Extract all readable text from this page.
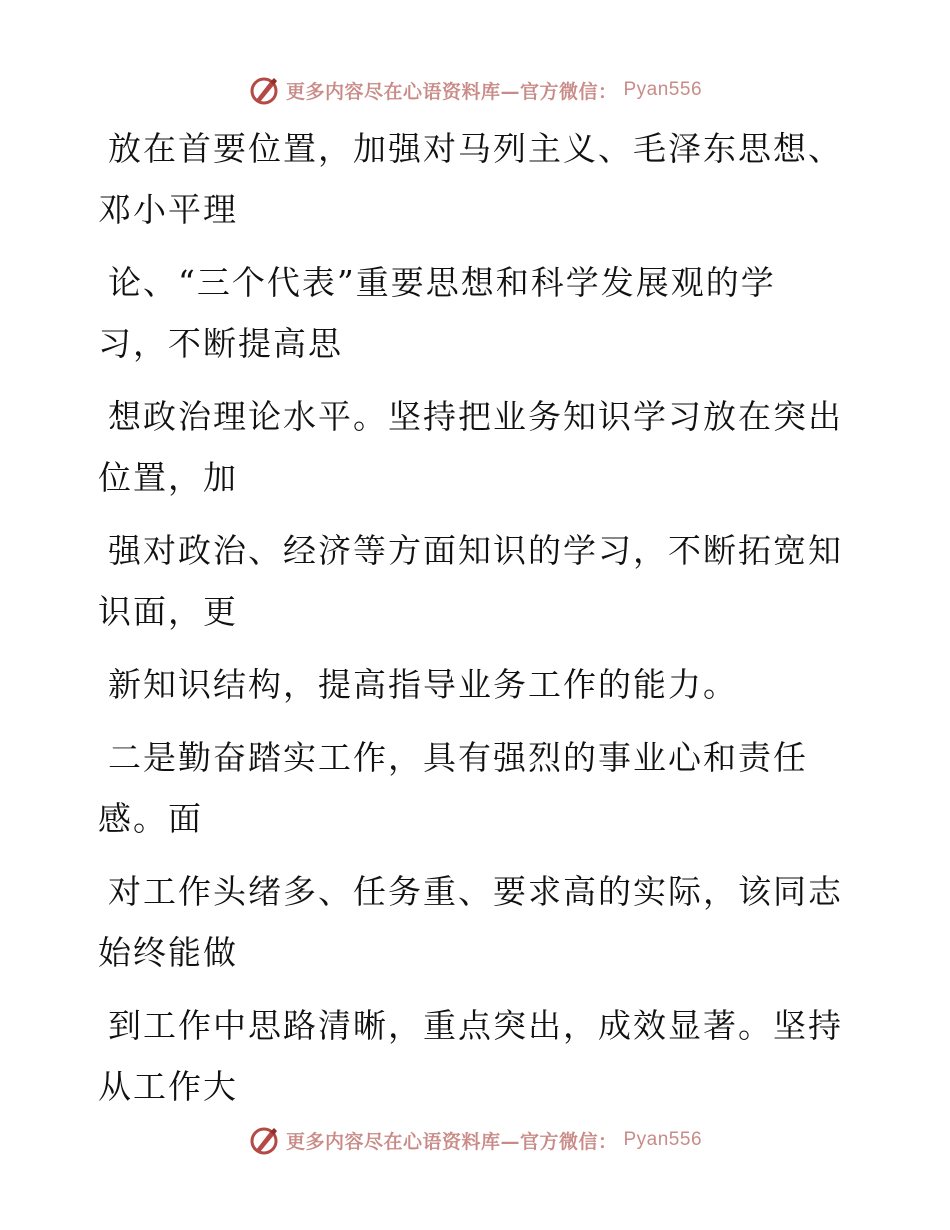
更多内容尽在心语资料库—官方微信： Pyan556

放在首要位置，加强对马列主义、毛泽东思想、
邓小平理

论、“三个代表”重要思想和科学发展观的学
习，不断提高思

想政治理论水平。坚持把业务知识学习放在突出
位置，加

强对政治、经济等方面知识的学习，不断拓宽知
识面，更

新知识结构，提高指导业务工作的能力。

二是勤奋踏实工作，具有强烈的事业心和责任
感。面

对工作头绪多、任务重、要求高的实际，该同志
始终能做

到工作中思路清晰，重点突出，成效显著。坚持
从工作大

更多内容尽在心语资料库—官方微信： Pyan556
